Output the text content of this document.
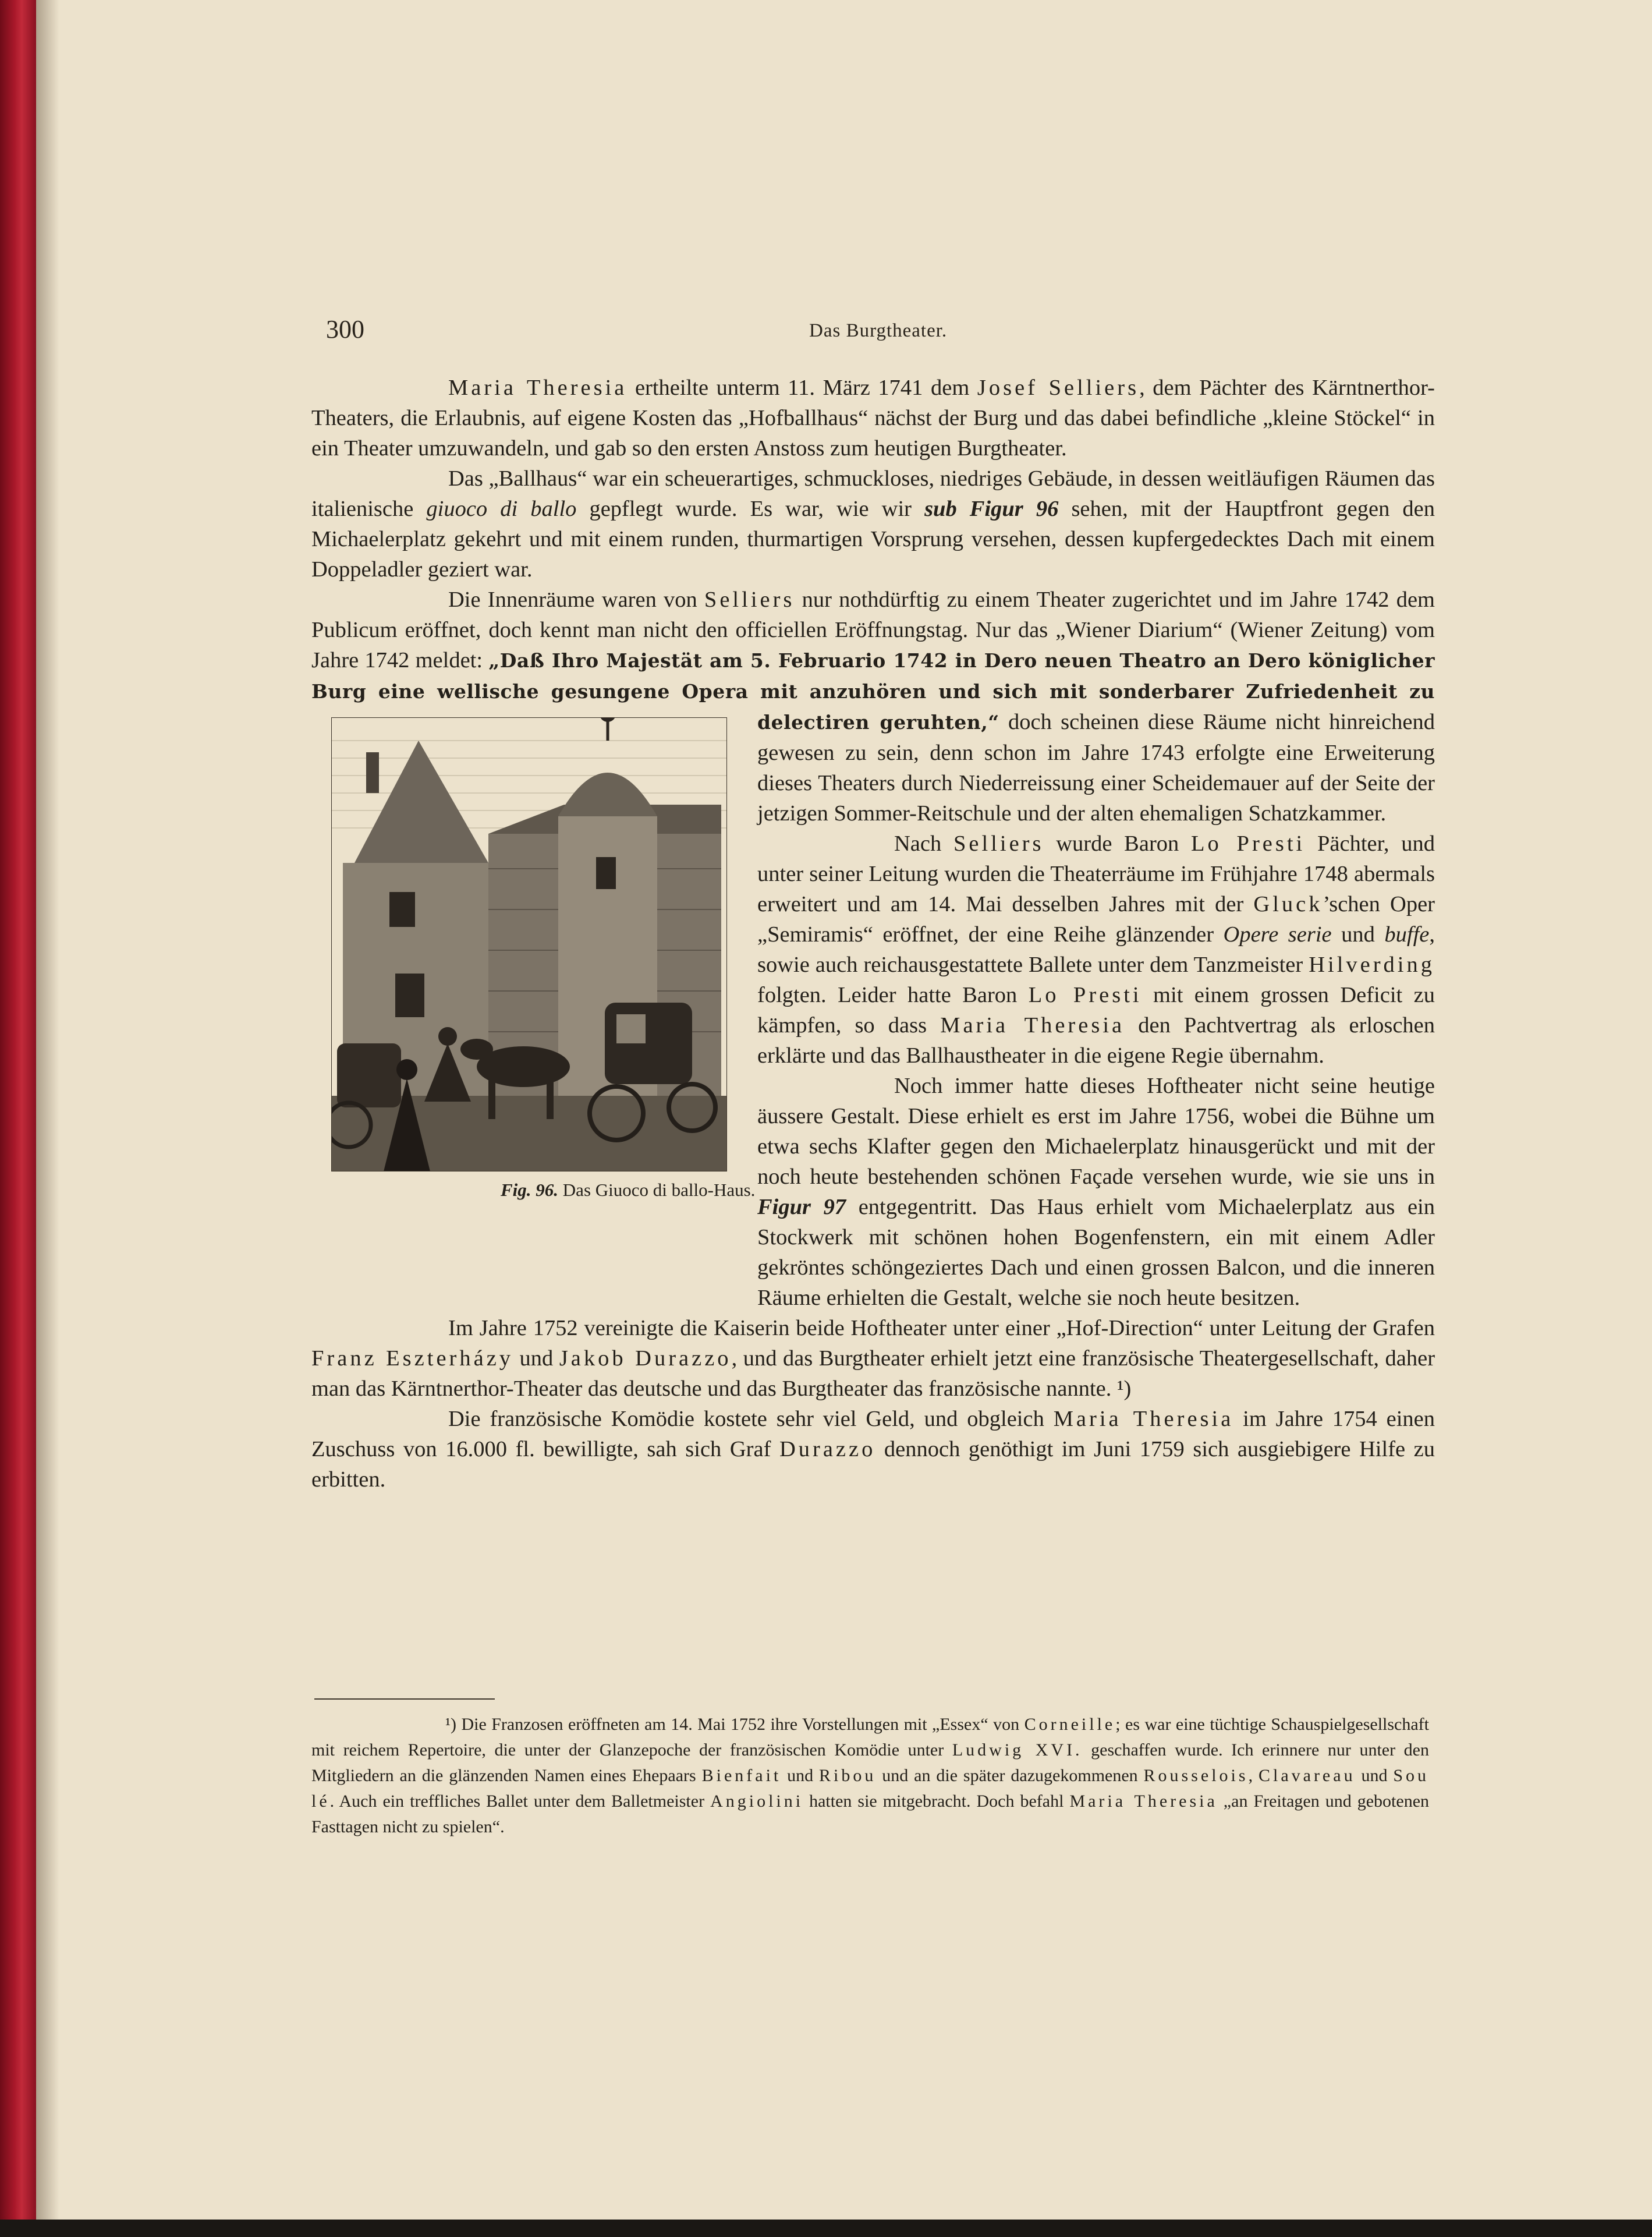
300	Das Burgtheater.

Maria Theresia ertheilte unterm 11. März 1741 dem Josef Selliers, dem Pächter des Kärntnerthor-Theaters, die Erlaubnis, auf eigene Kosten das „Hofballhaus“ nächst der Burg und das dabei befindliche „kleine Stöckel“ in ein Theater umzuwandeln, und gab so den ersten Anstoss zum heutigen Burgtheater.

Das „Ballhaus“ war ein scheuerartiges, schmuckloses, niedriges Gebäude, in dessen weitläufigen Räumen das italienische giuoco di ballo gepflegt wurde. Es war, wie wir sub Figur 96 sehen, mit der Hauptfront gegen den Michaelerplatz gekehrt und mit einem runden, thurmartigen Vorsprung versehen, dessen kupfergedecktes Dach mit einem Doppeladler geziert war.

Die Innenräume waren von Selliers nur nothdürftig zu einem Theater zugerichtet und im Jahre 1742 dem Publicum eröffnet, doch kennt man nicht den officiellen Eröffnungstag. Nur das „Wiener Diarium“ (Wiener Zeitung) vom Jahre 1742 meldet: „Daß Ihro Majestät am 5. Februario 1742 in Dero neuen Theatro an Dero königlicher Burg eine wellische gesungene Opera mit anzuhören und sich mit sonderbarer Zufriedenheit zu delectiren geruhten,“
Fig. 96. Das Giuoco di ballo-Haus.
doch scheinen diese Räume nicht hinreichend gewesen zu sein, denn schon im Jahre 1743 erfolgte eine Erweiterung dieses Theaters durch Niederreissung einer Scheidemauer auf der Seite der jetzigen Sommer-Reitschule und der alten ehemaligen Schatzkammer.

Nach Selliers wurde Baron Lo Presti Pächter, und unter seiner Leitung wurden die Theaterräume im Frühjahre 1748 abermals erweitert und am 14. Mai desselben Jahres mit der Gluck’schen Oper „Semiramis“ eröffnet, der eine Reihe glänzender Opere serie und buffe, sowie auch reichausgestattete Ballete unter dem Tanzmeister Hilverding folgten. Leider hatte Baron Lo Presti mit einem grossen Deficit zu kämpfen, so dass Maria Theresia den Pachtvertrag als erloschen erklärte und das Ballhaustheater in die eigene Regie übernahm.

Noch immer hatte dieses Hoftheater nicht seine heutige äussere Gestalt. Diese erhielt es erst im Jahre 1756, wobei die Bühne um etwa sechs Klafter gegen den Michaelerplatz hinausgerückt und mit der noch heute bestehenden schönen Façade versehen wurde, wie sie uns in Figur 97 entgegentritt. Das Haus erhielt vom Michaelerplatz aus ein Stockwerk mit schönen hohen Bogenfenstern, ein mit einem Adler gekröntes schöngeziertes Dach und einen grossen Balcon, und die inneren Räume erhielten die Gestalt, welche sie noch heute besitzen.

Im Jahre 1752 vereinigte die Kaiserin beide Hoftheater unter einer „Hof-Direction“ unter Leitung der Grafen Franz Eszterházy und Jakob Durazzo, und das Burgtheater erhielt jetzt eine französische Theatergesellschaft, daher man das Kärntnerthor-Theater das deutsche und das Burgtheater das französische nannte. ¹)

Die französische Komödie kostete sehr viel Geld, und obgleich Maria Theresia im Jahre 1754 einen Zuschuss von 16.000 fl. bewilligte, sah sich Graf Durazzo dennoch genöthigt im Juni 1759 sich ausgiebigere Hilfe zu erbitten.

¹) Die Franzosen eröffneten am 14. Mai 1752 ihre Vorstellungen mit „Essex“ von Corneille; es war eine tüchtige Schauspielgesellschaft mit reichem Repertoire, die unter der Glanzepoche der französischen Komödie unter Ludwig XVI. geschaffen wurde. Ich erinnere nur unter den Mitgliedern an die glänzenden Namen eines Ehepaars Bienfait und Ribou und an die später dazugekommenen Rousselois, Clavareau und Sou lé. Auch ein treffliches Ballet unter dem Balletmeister Angiolini hatten sie mitgebracht. Doch befahl Maria Theresia „an Freitagen und gebotenen Fasttagen nicht zu spielen“.
